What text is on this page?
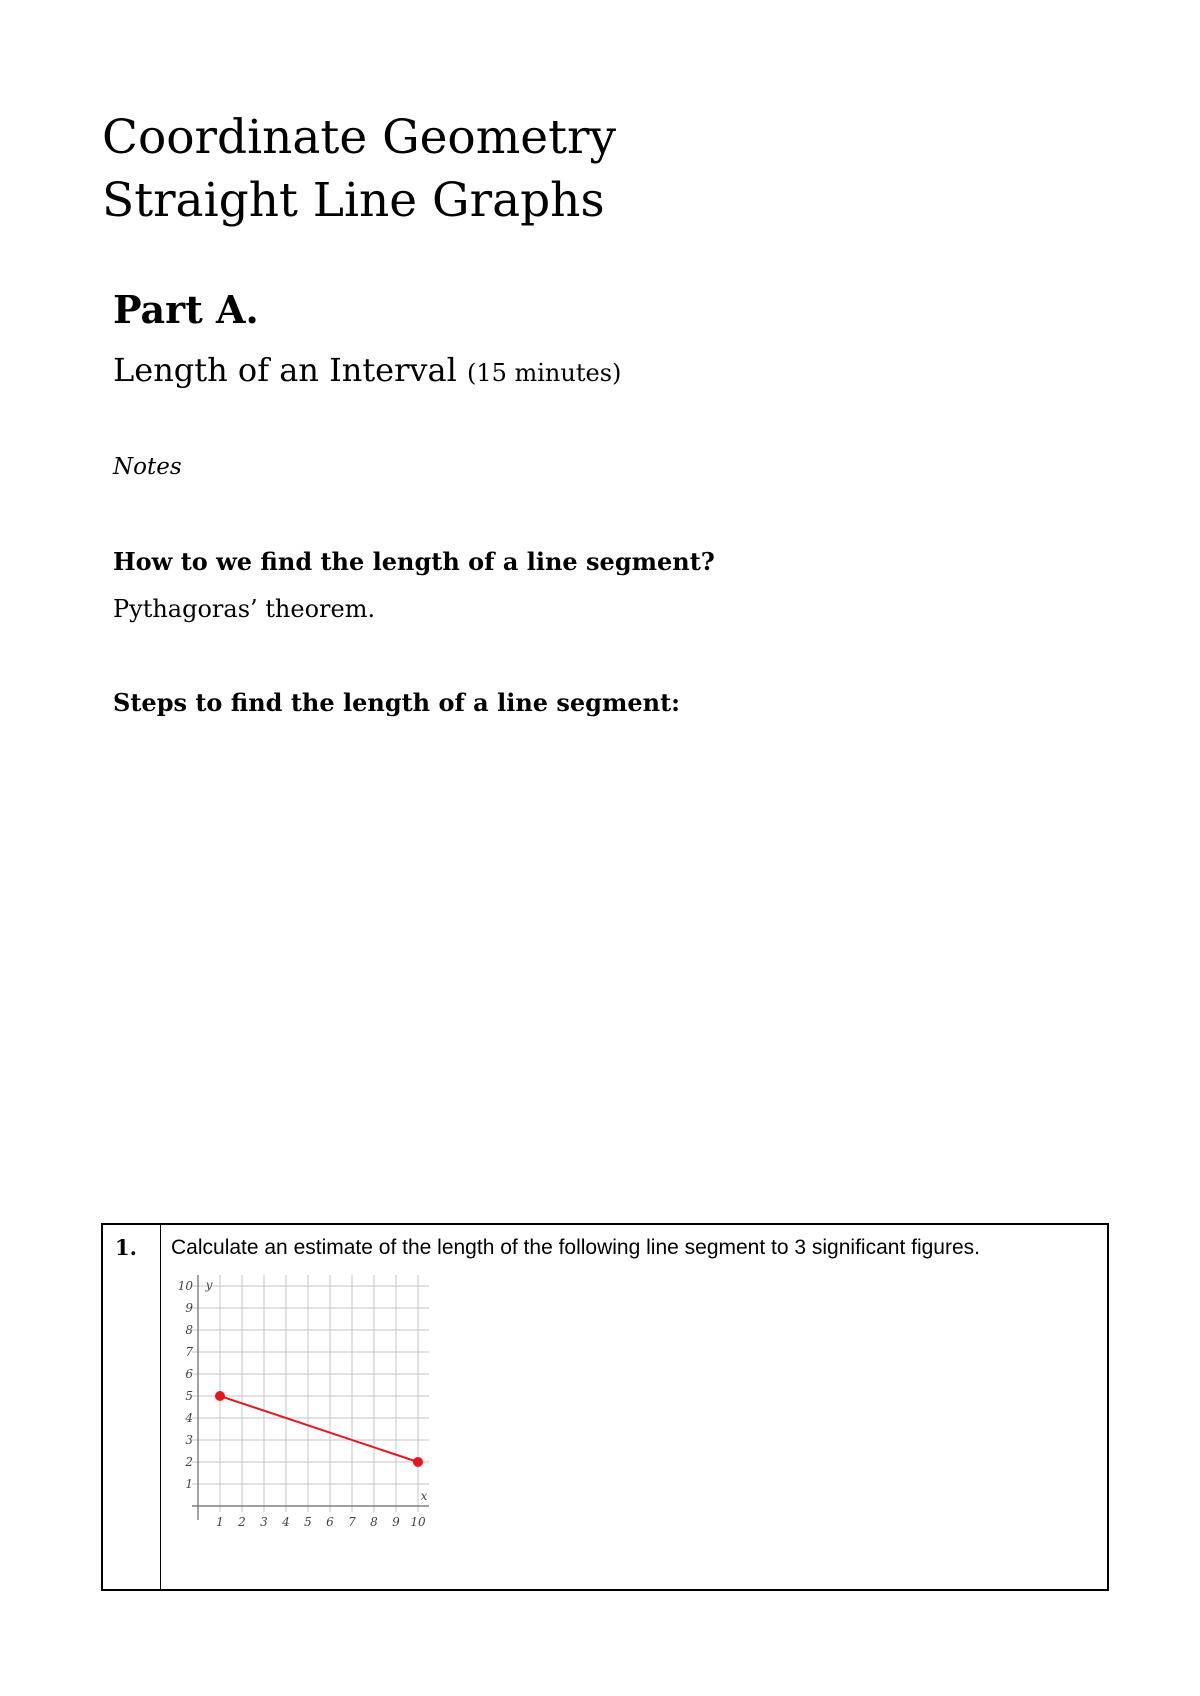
Coordinate Geometry
Straight Line Graphs
Part A.
Length of an Interval (15 minutes)
Notes
How to we find the length of a line segment?
Pythagoras’ theorem.
Steps to find the length of a line segment:
1. Calculate an estimate of the length of the following line segment to 3 significant figures.
1 2 3 4 5 6 7 8 9 10
1
2
3
4
5
6
7
8
9
10
x
y
